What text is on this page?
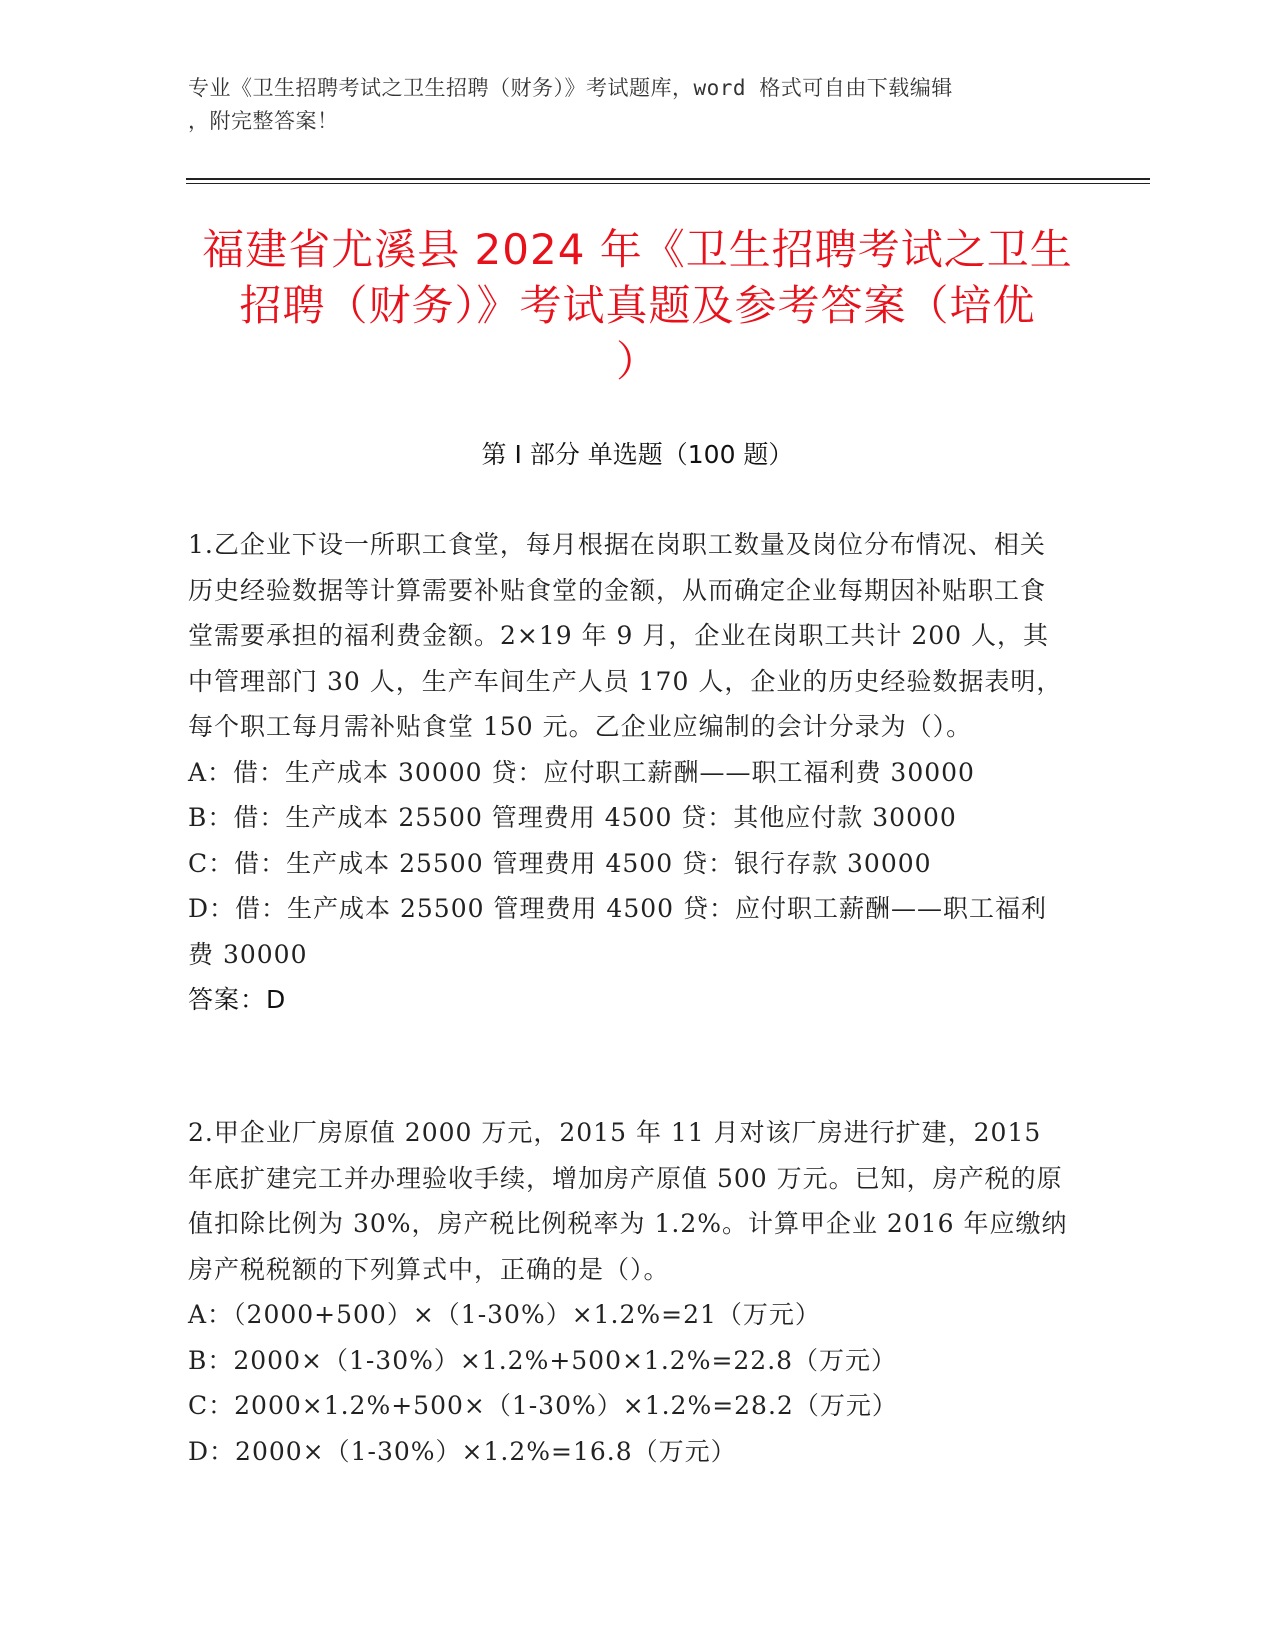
专业《卫生招聘考试之卫生招聘（财务）》考试题库，word 格式可自由下载编辑
，附完整答案！
福建省尤溪县 2024 年《卫生招聘考试之卫生
招聘（财务）》考试真题及参考答案（培优
）
第 I 部分 单选题（100 题）

1.乙企业下设一所职工食堂，每月根据在岗职工数量及岗位分布情况、相关历史经验数据等计算需要补贴食堂的金额，从而确定企业每期因补贴职工食堂需要承担的福利费金额。2×19 年 9 月，企业在岗职工共计 200 人，其中管理部门 30 人，生产车间生产人员 170 人，企业的历史经验数据表明，每个职工每月需补贴食堂 150 元。乙企业应编制的会计分录为（）。

A：借：生产成本 30000 贷：应付职工薪酬——职工福利费 30000

B：借：生产成本 25500 管理费用 4500 贷：其他应付款 30000

C：借：生产成本 25500 管理费用 4500 贷：银行存款 30000

D：借：生产成本 25500 管理费用 4500 贷：应付职工薪酬——职工福利费 30000

答案：D

2.甲企业厂房原值 2000 万元，2015 年 11 月对该厂房进行扩建，2015 年底扩建完工并办理验收手续，增加房产原值 500 万元。已知，房产税的原值扣除比例为 30%，房产税比例税率为 1.2%。计算甲企业 2016 年应缴纳房产税税额的下列算式中，正确的是（）。

A：（2000+500）×（1-30%）×1.2%=21（万元）

B：2000×（1-30%）×1.2%+500×1.2%=22.8（万元）

C：2000×1.2%+500×（1-30%）×1.2%=28.2（万元）

D：2000×（1-30%）×1.2%=16.8（万元）
